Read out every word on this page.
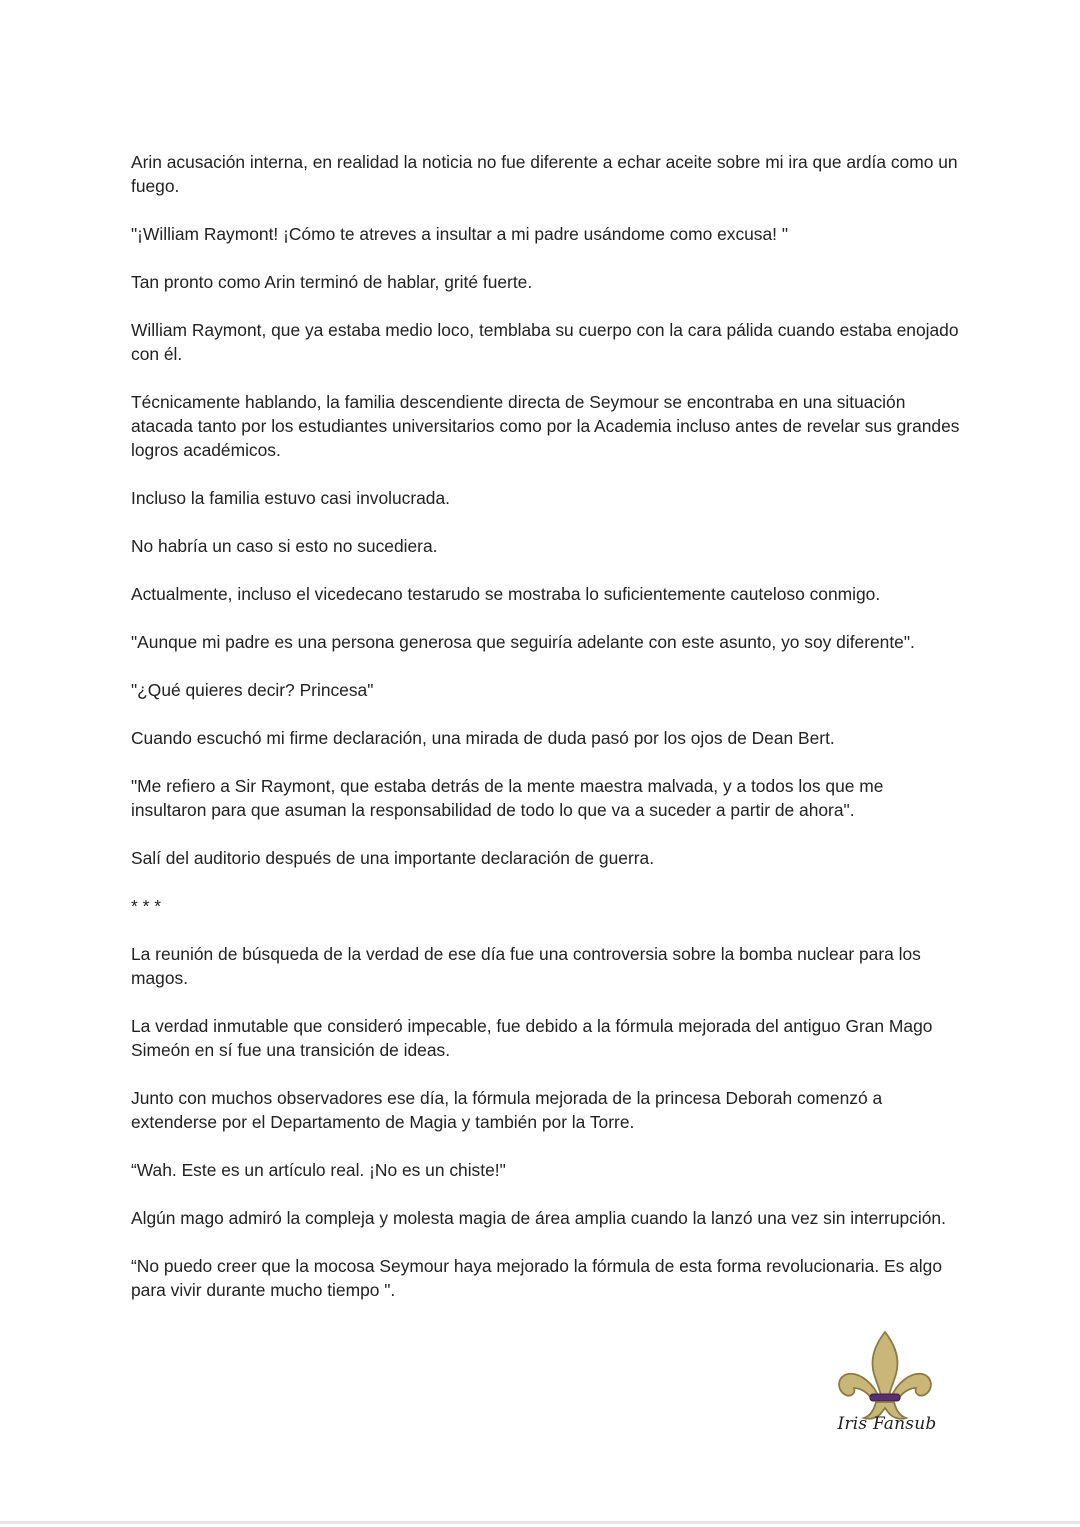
Arin acusación interna, en realidad la noticia no fue diferente a echar aceite sobre mi ira que ardía como un fuego.

"¡William Raymont! ¡Cómo te atreves a insultar a mi padre usándome como excusa! "

Tan pronto como Arin terminó de hablar, grité fuerte.

William Raymont, que ya estaba medio loco, temblaba su cuerpo con la cara pálida cuando estaba enojado con él.

Técnicamente hablando, la familia descendiente directa de Seymour se encontraba en una situación atacada tanto por los estudiantes universitarios como por la Academia incluso antes de revelar sus grandes logros académicos.

Incluso la familia estuvo casi involucrada.

No habría un caso si esto no sucediera.

Actualmente, incluso el vicedecano testarudo se mostraba lo suficientemente cauteloso conmigo.

"Aunque mi padre es una persona generosa que seguiría adelante con este asunto, yo soy diferente".

"¿Qué quieres decir? Princesa"

Cuando escuchó mi firme declaración, una mirada de duda pasó por los ojos de Dean Bert.

"Me refiero a Sir Raymont, que estaba detrás de la mente maestra malvada, y a todos los que me insultaron para que asuman la responsabilidad de todo lo que va a suceder a partir de ahora".

Salí del auditorio después de una importante declaración de guerra.

* * *

La reunión de búsqueda de la verdad de ese día fue una controversia sobre la bomba nuclear para los magos.

La verdad inmutable que consideró impecable, fue debido a la fórmula mejorada del antiguo Gran Mago Simeón en sí fue una transición de ideas.

Junto con muchos observadores ese día, la fórmula mejorada de la princesa Deborah comenzó a extenderse por el Departamento de Magia y también por la Torre.

“Wah. Este es un artículo real. ¡No es un chiste!"

Algún mago admiró la compleja y molesta magia de área amplia cuando la lanzó una vez sin interrupción.

“No puedo creer que la mocosa Seymour haya mejorado la fórmula de esta forma revolucionaria. Es algo para vivir durante mucho tiempo ".

Iris Fansub
